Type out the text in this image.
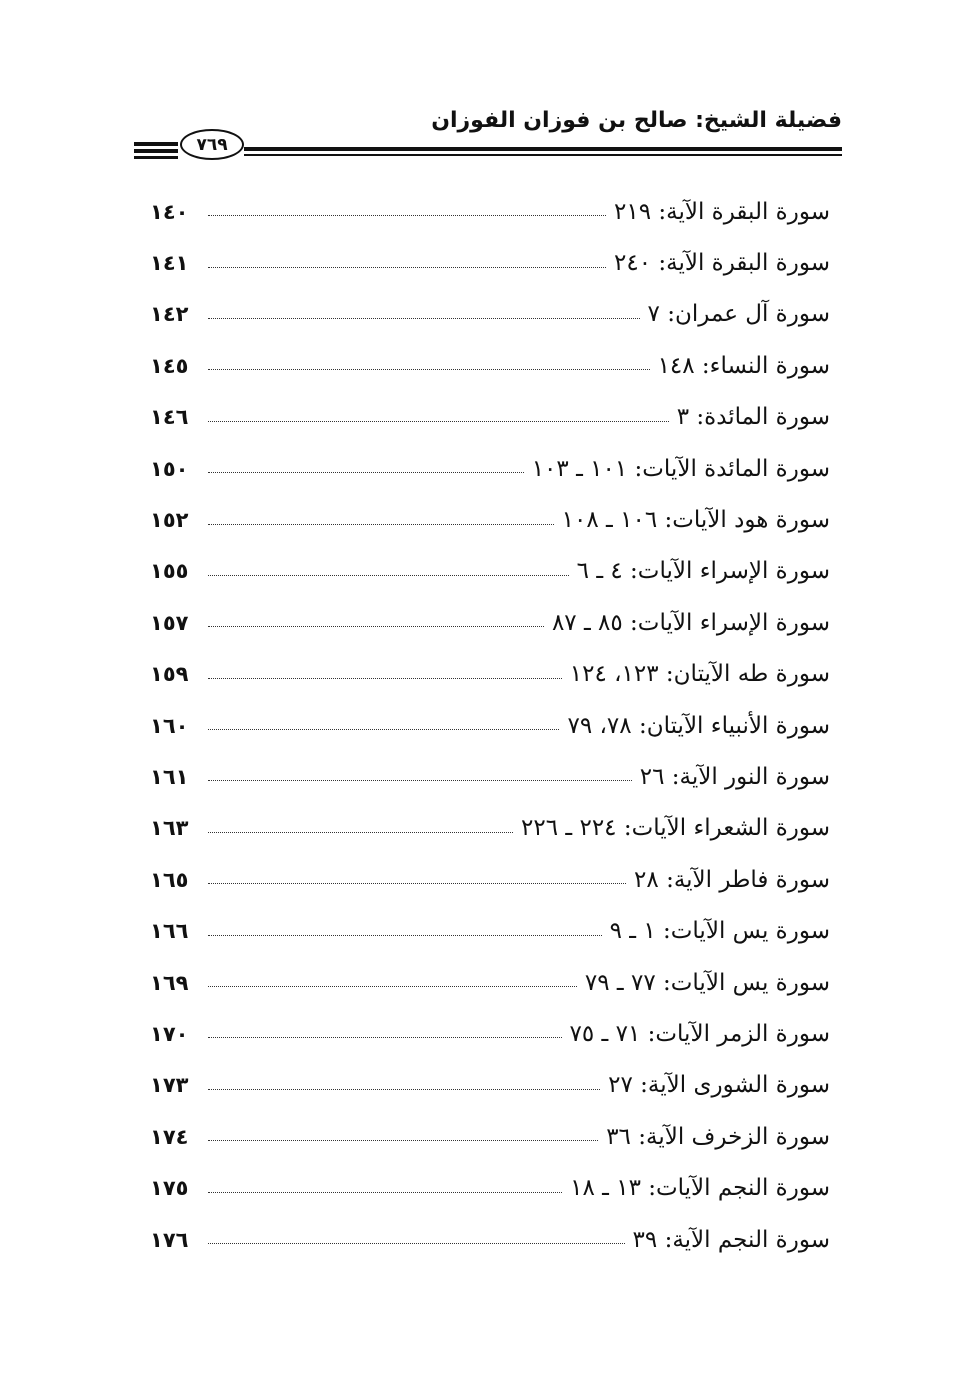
فضيلة الشيخ: صالح بن فوزان الفوزان
٧٦٩
سورة البقرة الآية: ٢١٩
١٤٠
سورة البقرة الآية: ٢٤٠
١٤١
سورة آل عمران: ٧
١٤٢
سورة النساء: ١٤٨
١٤٥
سورة المائدة: ٣
١٤٦
سورة المائدة الآيات: ١٠١ ـ ١٠٣
١٥٠
سورة هود الآيات: ١٠٦ ـ ١٠٨
١٥٢
سورة الإسراء الآيات: ٤ ـ ٦
١٥٥
سورة الإسراء الآيات: ٨٥ ـ ٨٧
١٥٧
سورة طه الآيتان: ١٢٣، ١٢٤
١٥٩
سورة الأنبياء الآيتان: ٧٨، ٧٩
١٦٠
سورة النور الآية: ٢٦
١٦١
سورة الشعراء الآيات: ٢٢٤ ـ ٢٢٦
١٦٣
سورة فاطر الآية: ٢٨
١٦٥
سورة يس الآيات: ١ ـ ٩
١٦٦
سورة يس الآيات: ٧٧ ـ ٧٩
١٦٩
سورة الزمر الآيات: ٧١ ـ ٧٥
١٧٠
سورة الشورى الآية: ٢٧
١٧٣
سورة الزخرف الآية: ٣٦
١٧٤
سورة النجم الآيات: ١٣ ـ ١٨
١٧٥
سورة النجم الآية: ٣٩
١٧٦
